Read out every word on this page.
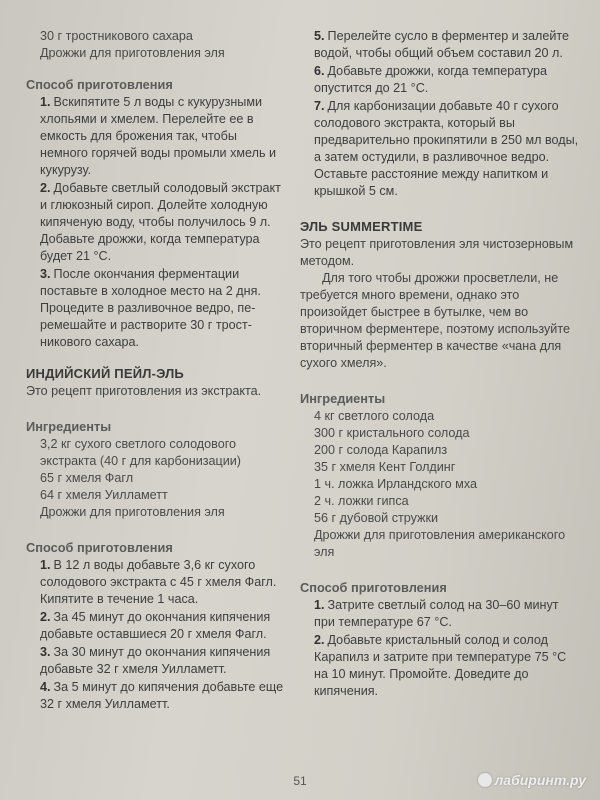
30 г тростникового сахара
Дрожжи для приготовления эля
Способ приготовления
1. Вскипятите 5 л воды с кукурузными хлопьями и хмелем. Перелейте ее в емкость для брожения так, чтобы немного горячей воды промыли хмель и кукурузу.
2. Добавьте светлый солодовый экстракт и глюкозный сироп. Долейте холодную кипяченую воду, чтобы получилось 9 л. Добавьте дрожжи, когда температура будет 21 °С.
3. После окончания ферментации поставьте в холодное место на 2 дня. Процедите в разливочное ведро, перемешайте и растворите 30 г тростникового сахара.
ИНДИЙСКИЙ ПЕЙЛ-ЭЛЬ
Это рецепт приготовления из экстракта.
Ингредиенты
3,2 кг сухого светлого солодового экстракта (40 г для карбонизации)
65 г хмеля Фагл
64 г хмеля Уилламетт
Дрожжи для приготовления эля
Способ приготовления
1. В 12 л воды добавьте 3,6 кг сухого солодового экстракта с 45 г хмеля Фагл. Кипятите в течение 1 часа.
2. За 45 минут до окончания кипячения добавьте оставшиеся 20 г хмеля Фагл.
3. За 30 минут до окончания кипячения добавьте 32 г хмеля Уилламетт.
4. За 5 минут до кипячения добавьте еще 32 г хмеля Уилламетт.
5. Перелейте сусло в ферментер и залейте водой, чтобы общий объем составил 20 л.
6. Добавьте дрожжи, когда температура опустится до 21 °С.
7. Для карбонизации добавьте 40 г сухого солодового экстракта, который вы предварительно прокипятили в 250 мл воды, а затем остудили, в разливочное ведро. Оставьте расстояние между напитком и крышкой 5 см.
ЭЛЬ SUMMERTIME
Это рецепт приготовления эля чистозерновым методом.
Для того чтобы дрожжи просветлели, не требуется много времени, однако это произойдет быстрее в бутылке, чем во вторичном ферментере, поэтому используйте вторичный ферментер в качестве «чана для сухого хмеля».
Ингредиенты
4 кг светлого солода
300 г кристального солода
200 г солода Карапилз
35 г хмеля Кент Голдинг
1 ч. ложка Ирландского мха
2 ч. ложки гипса
56 г дубовой стружки
Дрожжи для приготовления американского эля
Способ приготовления
1. Затрите светлый солод на 30–60 минут при температуре 67 °С.
2. Добавьте кристальный солод и солод Карапилз и затрите при температуре 75 °С на 10 минут. Промойте. Доведите до кипячения.
51	лабиринт.ру
